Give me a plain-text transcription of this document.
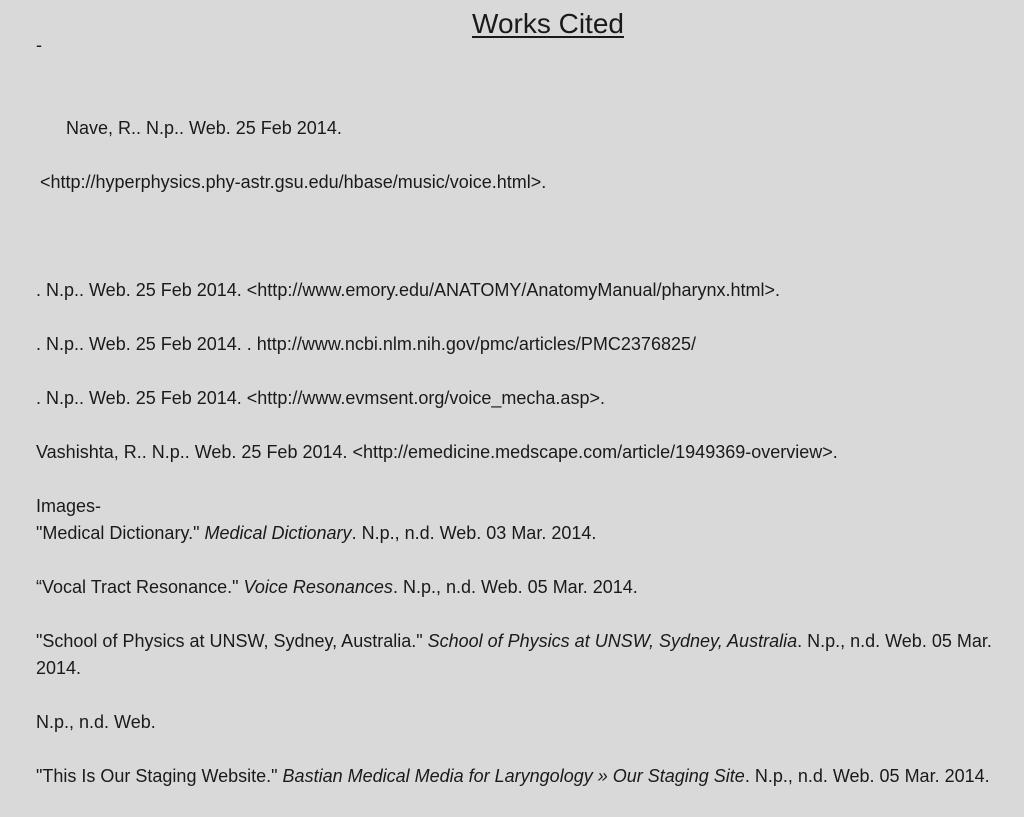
-
Works Cited

Nave, R.. N.p.. Web. 25 Feb 2014.

<http://hyperphysics.phy-astr.gsu.edu/hbase/music/voice.html>.

. N.p.. Web. 25 Feb 2014. <http://www.emory.edu/ANATOMY/AnatomyManual/pharynx.html>.
. N.p.. Web. 25 Feb 2014. . http://www.ncbi.nlm.nih.gov/pmc/articles/PMC2376825/
. N.p.. Web. 25 Feb 2014. <http://www.evmsent.org/voice_mecha.asp>.
Vashishta, R.. N.p.. Web. 25 Feb 2014. <http://emedicine.medscape.com/article/1949369-overview>.
Images-
"Medical Dictionary." Medical Dictionary. N.p., n.d. Web. 03 Mar. 2014.
“Vocal Tract Resonance." Voice Resonances. N.p., n.d. Web. 05 Mar. 2014.
"School of Physics at UNSW, Sydney, Australia." School of Physics at UNSW, Sydney, Australia. N.p., n.d. Web. 05 Mar. 2014.
N.p., n.d. Web.
"This Is Our Staging Website." Bastian Medical Media for Laryngology » Our Staging Site. N.p., n.d. Web. 05 Mar. 2014.
